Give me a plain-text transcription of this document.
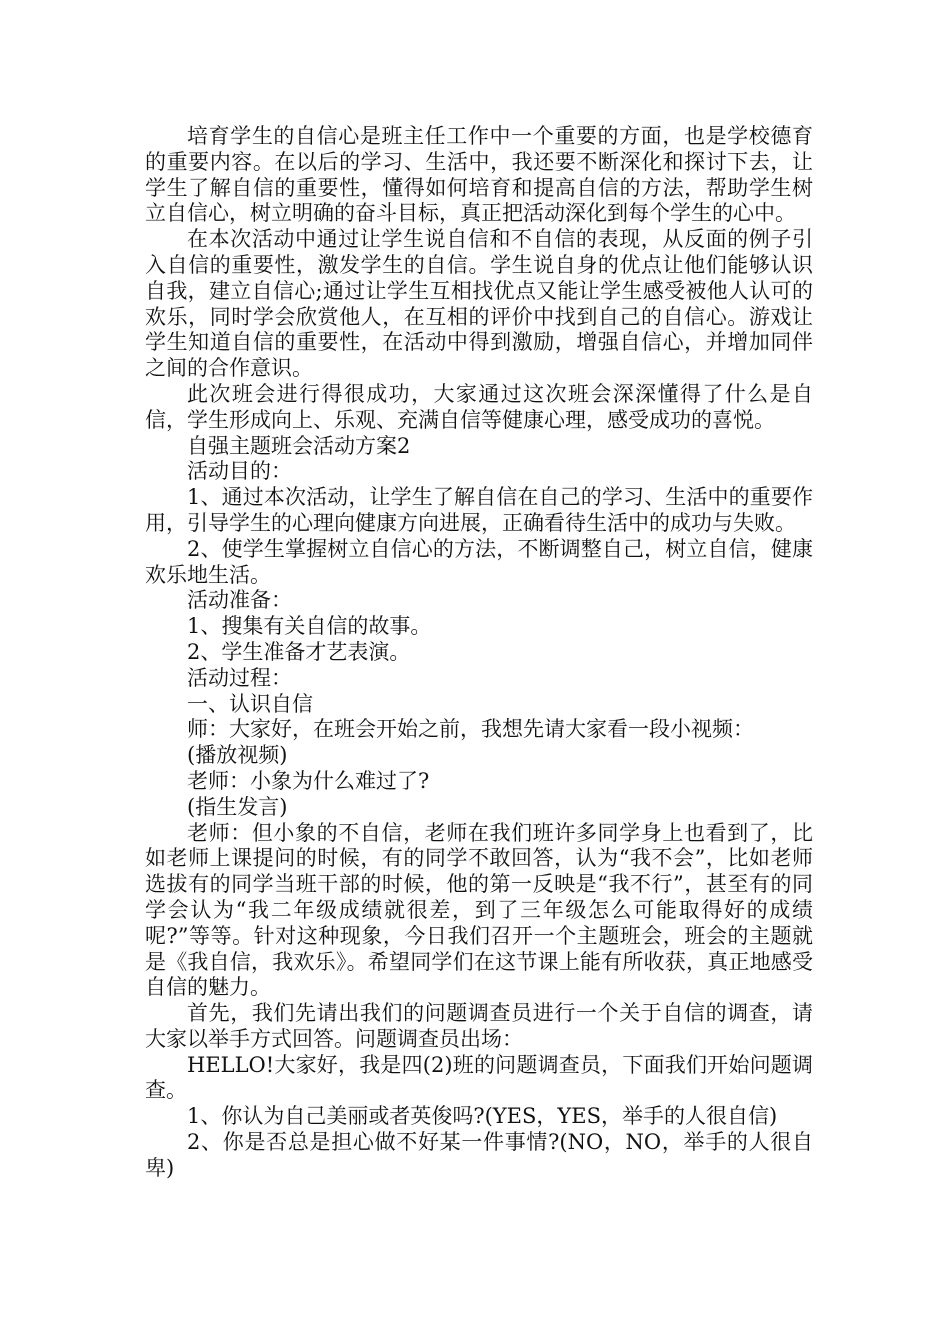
培育学生的自信心是班主任工作中一个重要的方面，也是学校德育的重要内容。在以后的学习、生活中，我还要不断深化和探讨下去，让学生了解自信的重要性，懂得如何培育和提高自信的方法，帮助学生树立自信心，树立明确的奋斗目标，真正把活动深化到每个学生的心中。

在本次活动中通过让学生说自信和不自信的表现，从反面的例子引入自信的重要性，激发学生的自信。学生说自身的优点让他们能够认识自我，建立自信心;通过让学生互相找优点又能让学生感受被他人认可的欢乐，同时学会欣赏他人，在互相的评价中找到自己的自信心。游戏让学生知道自信的重要性，在活动中得到激励，增强自信心，并增加同伴之间的合作意识。

此次班会进行得很成功，大家通过这次班会深深懂得了什么是自信，学生形成向上、乐观、充满自信等健康心理，感受成功的喜悦。

自强主题班会活动方案2

活动目的：

1、通过本次活动，让学生了解自信在自己的学习、生活中的重要作用，引导学生的心理向健康方向进展，正确看待生活中的成功与失败。

2、使学生掌握树立自信心的方法，不断调整自己，树立自信，健康欢乐地生活。

活动准备：

1、搜集有关自信的故事。

2、学生准备才艺表演。

活动过程：

一、认识自信

师：大家好，在班会开始之前，我想先请大家看一段小视频：

(播放视频)

老师：小象为什么难过了?

(指生发言)

老师：但小象的不自信，老师在我们班许多同学身上也看到了，比如老师上课提问的时候，有的同学不敢回答，认为“我不会”，比如老师选拔有的同学当班干部的时候，他的第一反映是“我不行”，甚至有的同学会认为“我二年级成绩就很差，到了三年级怎么可能取得好的成绩呢?”等等。针对这种现象，今日我们召开一个主题班会，班会的主题就是《我自信，我欢乐》。希望同学们在这节课上能有所收获，真正地感受自信的魅力。

首先，我们先请出我们的问题调查员进行一个关于自信的调查，请大家以举手方式回答。问题调查员出场：

HELLO!大家好，我是四(2)班的问题调查员，下面我们开始问题调查。

1、你认为自己美丽或者英俊吗?(YES，YES，举手的人很自信)

2、你是否总是担心做不好某一件事情?(NO，NO，举手的人很自卑)
